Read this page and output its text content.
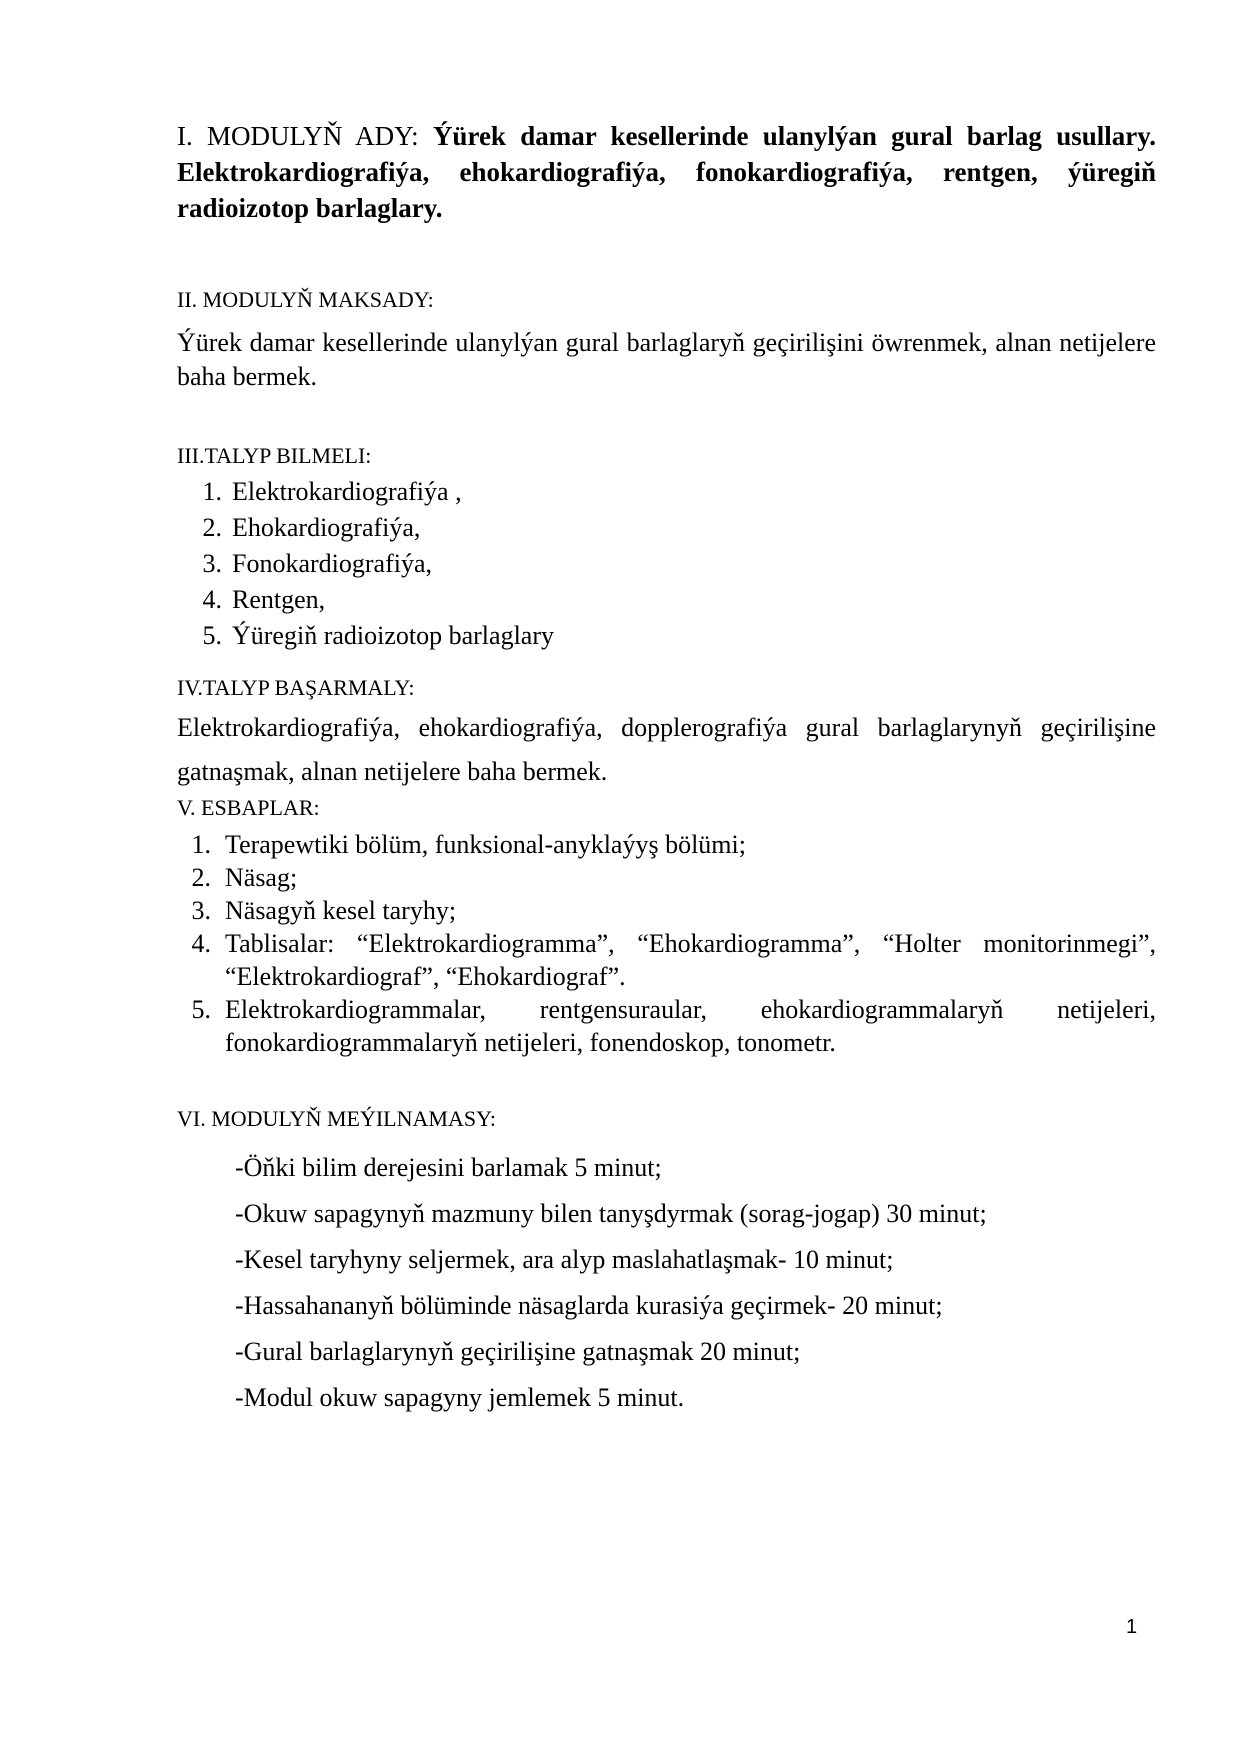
I. MODULYŇ ADY: Ýürek damar kesellerinde ulanylýan gural barlag usullary. Elektrokardiografiýa, ehokardiografiýa, fonokardiografiýa, rentgen, ýüregiň radioizotop barlaglary.

II. MODULYŇ MAKSADY:

Ýürek damar kesellerinde ulanylýan gural barlaglaryň geçirilişini öwrenmek, alnan netijelere baha bermek.

III.TALYP BILMELI:

1. Elektrokardiografiýa ,
2. Ehokardiografiýa,
3. Fonokardiografiýa,
4. Rentgen,
5. Ýüregiň radioizotop barlaglary

IV.TALYP BAŞARMALY:

Elektrokardiografiýa, ehokardiografiýa, dopplerografiýa gural barlaglarynyň geçirilişine gatnaşmak, alnan netijelere baha bermek.

V. ESBAPLAR:

1. Terapewtiki bölüm, funksional-anyklaýyş bölümi;
2. Näsag;
3. Näsagyň kesel taryhy;
4. Tablisalar: “Elektrokardiogramma”, “Ehokardiogramma”, “Holter monitorinmegi”, “Elektrokardiograf”, “Ehokardiograf”.
5. Elektrokardiogrammalar, rentgensuraular, ehokardiogrammalaryň netijeleri, fonokardiogrammalaryň netijeleri, fonendoskop, tonometr.

VI. MODULYŇ MEÝILNAMASY:

-Öňki bilim derejesini barlamak 5 minut;
-Okuw sapagynyň mazmuny bilen tanyşdyrmak (sorag-jogap) 30 minut;
-Kesel taryhyny seljermek, ara alyp maslahatlaşmak- 10 minut;
-Hassahananyň bölüminde näsaglarda kurasiýa geçirmek- 20 minut;
-Gural barlaglarynyň geçirilişine gatnaşmak 20 minut;
-Modul okuw sapagyny jemlemek 5 minut.
1
